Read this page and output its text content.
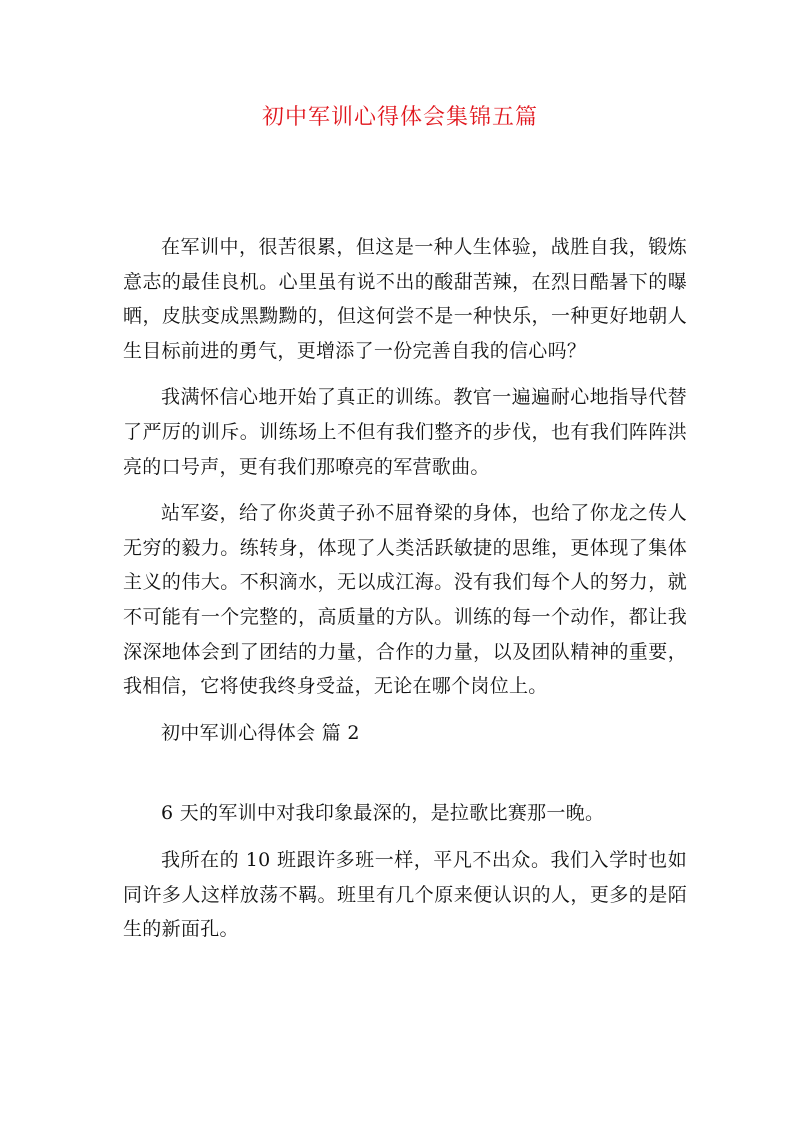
初中军训心得体会集锦五篇

在军训中，很苦很累，但这是一种人生体验，战胜自我，锻炼意志的最佳良机。心里虽有说不出的酸甜苦辣，在烈日酷暑下的曝晒，皮肤变成黑黝黝的，但这何尝不是一种快乐，一种更好地朝人生目标前进的勇气，更增添了一份完善自我的信心吗？

我满怀信心地开始了真正的训练。教官一遍遍耐心地指导代替了严厉的训斥。训练场上不但有我们整齐的步伐，也有我们阵阵洪亮的口号声，更有我们那嘹亮的军营歌曲。

站军姿，给了你炎黄子孙不屈脊梁的身体，也给了你龙之传人无穷的毅力。练转身，体现了人类活跃敏捷的思维，更体现了集体主义的伟大。不积滴水，无以成江海。没有我们每个人的努力，就不可能有一个完整的，高质量的方队。训练的每一个动作，都让我深深地体会到了团结的力量，合作的力量，以及团队精神的重要，我相信，它将使我终身受益，无论在哪个岗位上。

初中军训心得体会 篇 2

6 天的军训中对我印象最深的，是拉歌比赛那一晚。

我所在的 10 班跟许多班一样，平凡不出众。我们入学时也如同许多人这样放荡不羁。班里有几个原来便认识的人，更多的是陌生的新面孔。
